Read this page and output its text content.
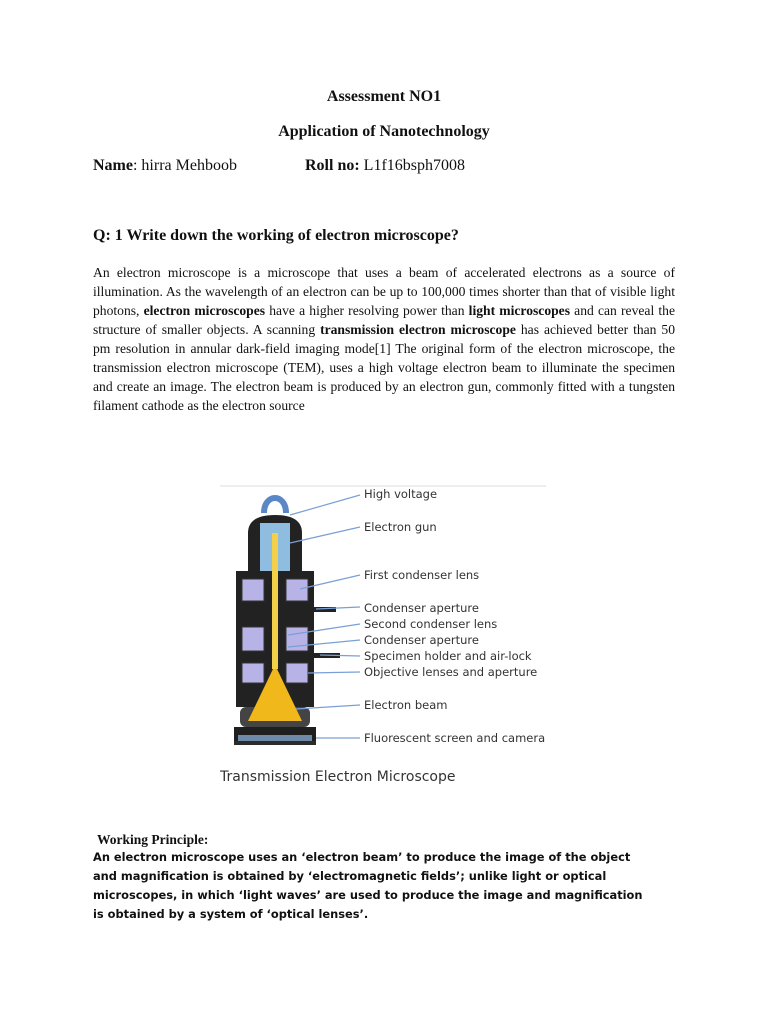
Assessment NO1
Application of Nanotechnology
Name: hirra Mehboob	Roll no: L1f16bsph7008
Q: 1 Write down the working of electron microscope?

An electron microscope is a microscope that uses a beam of accelerated electrons as a source of illumination. As the wavelength of an electron can be up to 100,000 times shorter than that of visible light photons, electron microscopes have a higher resolving power than light microscopes and can reveal the structure of smaller objects. A scanning transmission electron microscope has achieved better than 50 pm resolution in annular dark-field imaging mode[1] The original form of the electron microscope, the transmission electron microscope (TEM), uses a high voltage electron beam to illuminate the specimen and create an image. The electron beam is produced by an electron gun, commonly fitted with a tungsten filament cathode as the electron source

High voltage
Electron gun
First condenser lens
Condenser aperture
Second condenser lens
Condenser aperture
Specimen holder and air-lock
Objective lenses and aperture
Electron beam
Fluorescent screen and camera
Transmission Electron Microscope
Working Principle:

An electron microscope uses an ‘electron beam’ to produce the image of the object and magnification is obtained by ‘electromagnetic fields’; unlike light or optical microscopes, in which ‘light waves’ are used to produce the image and magnification is obtained by a system of ‘optical lenses’.
